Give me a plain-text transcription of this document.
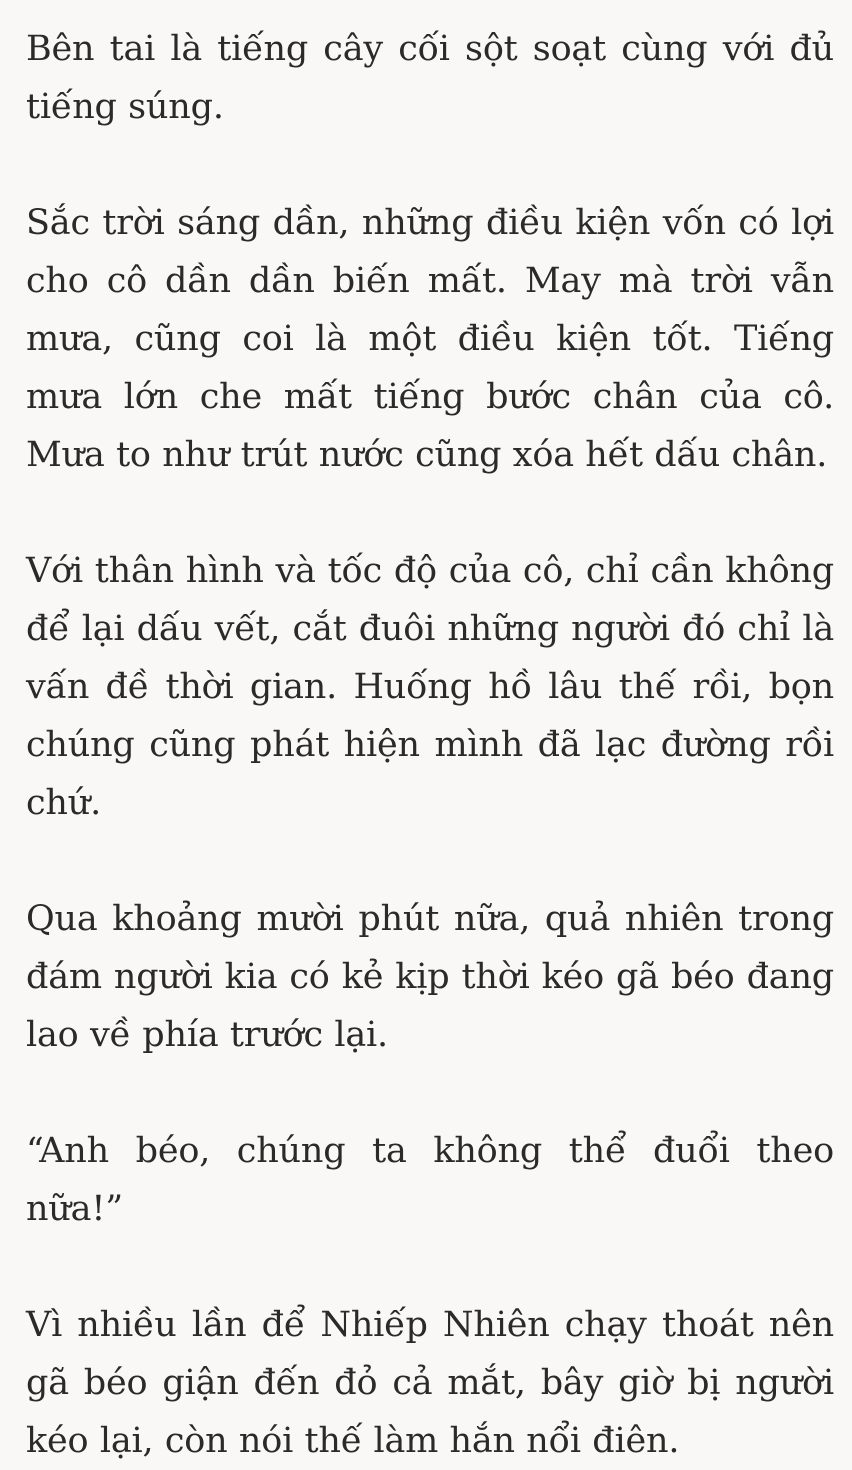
Bên tai là tiếng cây cối sột soạt cùng với đủ tiếng súng.

Sắc trời sáng dần, những điều kiện vốn có lợi cho cô dần dần biến mất. May mà trời vẫn mưa, cũng coi là một điều kiện tốt. Tiếng mưa lớn che mất tiếng bước chân của cô. Mưa to như trút nước cũng xóa hết dấu chân.

Với thân hình và tốc độ của cô, chỉ cần không để lại dấu vết, cắt đuôi những người đó chỉ là vấn đề thời gian. Huống hồ lâu thế rồi, bọn chúng cũng phát hiện mình đã lạc đường rồi chứ.

Qua khoảng mười phút nữa, quả nhiên trong đám người kia có kẻ kịp thời kéo gã béo đang lao về phía trước lại.

“Anh béo, chúng ta không thể đuổi theo nữa!”

Vì nhiều lần để Nhiếp Nhiên chạy thoát nên gã béo giận đến đỏ cả mắt, bây giờ bị người kéo lại, còn nói thế làm hắn nổi điên.
